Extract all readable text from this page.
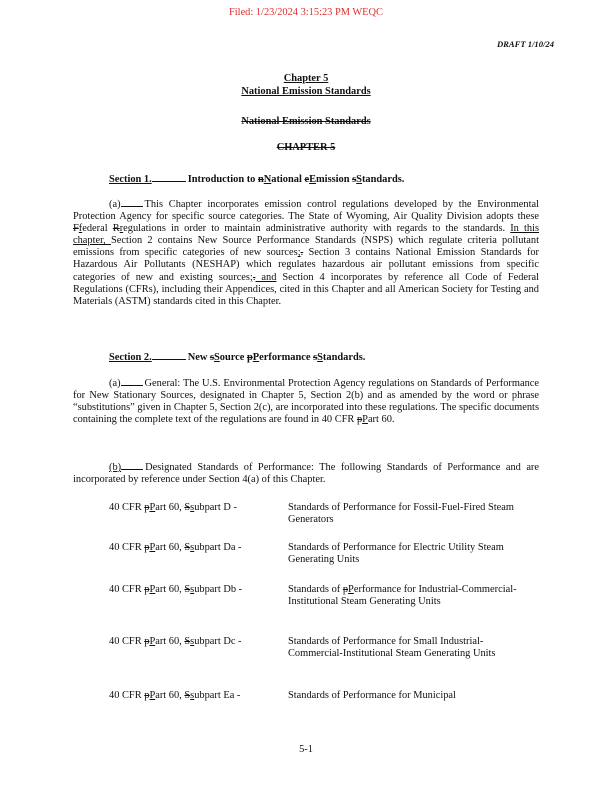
Filed: 1/23/2024 3:15:23 PM WEQC
DRAFT 1/10/24
Chapter 5
National Emission Standards
National Emission Standards
CHAPTER 5
Section 1.	Introduction to nNational eEmission sStandards.
(a) This Chapter incorporates emission control regulations developed by the Environmental Protection Agency for specific source categories. The State of Wyoming, Air Quality Division adopts these Ffederal Rregulations in order to maintain administrative authority with regards to the standards. In this chapter, Section 2 contains New Source Performance Standards (NSPS) which regulate criteria pollutant emissions from specific categories of new sources;. Section 3 contains National Emission Standards for Hazardous Air Pollutants (NESHAP) which regulates hazardous air pollutant emissions from specific categories of new and existing sources;. and Section 4 incorporates by reference all Code of Federal Regulations (CFRs), including their Appendices, cited in this Chapter and all American Society for Testing and Materials (ASTM) standards cited in this Chapter.
Section 2.	New sSource pPerformance sStandards.
(a) General: The U.S. Environmental Protection Agency regulations on Standards of Performance for New Stationary Sources, designated in Chapter 5, Section 2(b) and as amended by the word or phrase “substitutions” given in Chapter 5, Section 2(c), are incorporated into these regulations. The specific documents containing the complete text of the regulations are found in 40 CFR pPart 60.
(b) Designated Standards of Performance: The following Standards of Performance and are incorporated by reference under Section 4(a) of this Chapter.
40 CFR pPart 60, Ssubpart D -	Standards of Performance for Fossil-Fuel-Fired Steam Generators
40 CFR pPart 60, Ssubpart Da -	Standards of Performance for Electric Utility Steam Generating Units
40 CFR pPart 60, Ssubpart Db -	Standards of pPerformance for Industrial-Commercial-Institutional Steam Generating Units
40 CFR pPart 60, Ssubpart Dc -	Standards of Performance for Small Industrial-Commercial-Institutional Steam Generating Units
40 CFR pPart 60, Ssubpart Ea -	Standards of Performance for Municipal
5-1
